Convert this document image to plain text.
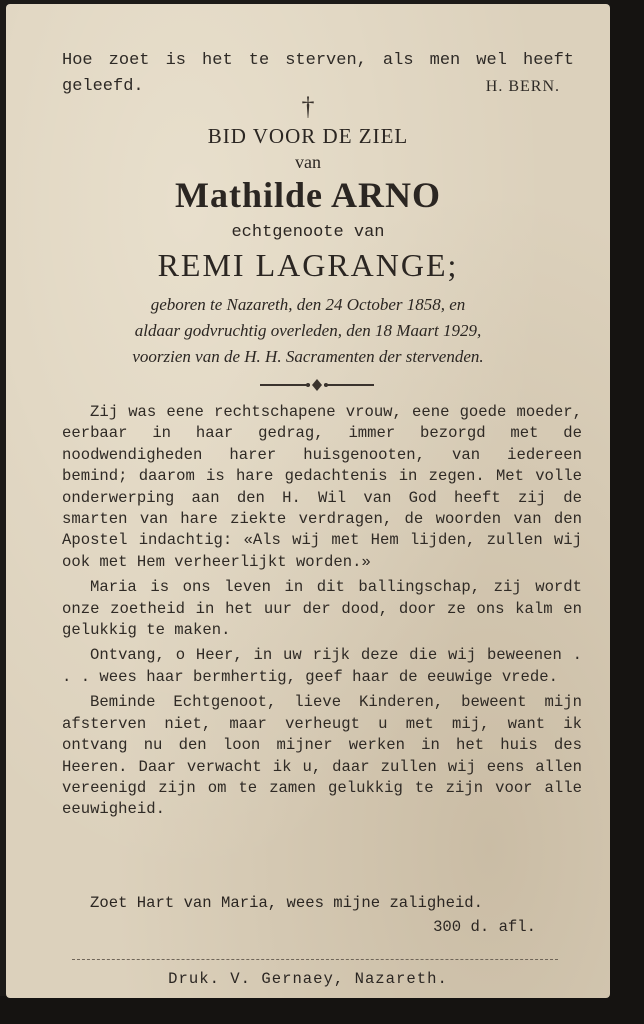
Hoe zoet is het te sterven, als men wel heeft
geleefd.	H. BERN.
†
BID VOOR DE ZIEL
van
Mathilde ARNO
echtgenoote van
REMI LAGRANGE;
geboren te Nazareth, den 24 October 1858, en
aldaar godvruchtig overleden, den 18 Maart 1929,
voorzien van de H. H. Sacramenten der stervenden.

Zij was eene rechtschapene vrouw, eene goede moeder, eerbaar in haar gedrag, immer bezorgd met de noodwendigheden harer huisgenooten, van iedereen bemind; daarom is hare gedachtenis in zegen. Met volle onderwerping aan den H. Wil van God heeft zij de smarten van hare ziekte verdragen, de woorden van den Apostel indachtig: «Als wij met Hem lijden, zullen wij ook met Hem verheerlijkt worden.»

Maria is ons leven in dit ballingschap, zij wordt onze zoetheid in het uur der dood, door ze ons kalm en gelukkig te maken.

Ontvang, o Heer, in uw rijk deze die wij beweenen . . . wees haar bermhertig, geef haar de eeuwige vrede.

Beminde Echtgenoot, lieve Kinderen, beweent mijn afsterven niet, maar verheugt u met mij, want ik ontvang nu den loon mijner werken in het huis des Heeren. Daar verwacht ik u, daar zullen wij eens allen vereenigd zijn om te zamen gelukkig te zijn voor alle eeuwigheid.

Zoet Hart van Maria, wees mijne zaligheid.
300 d. afl.
Druk. V. Gernaey, Nazareth.
